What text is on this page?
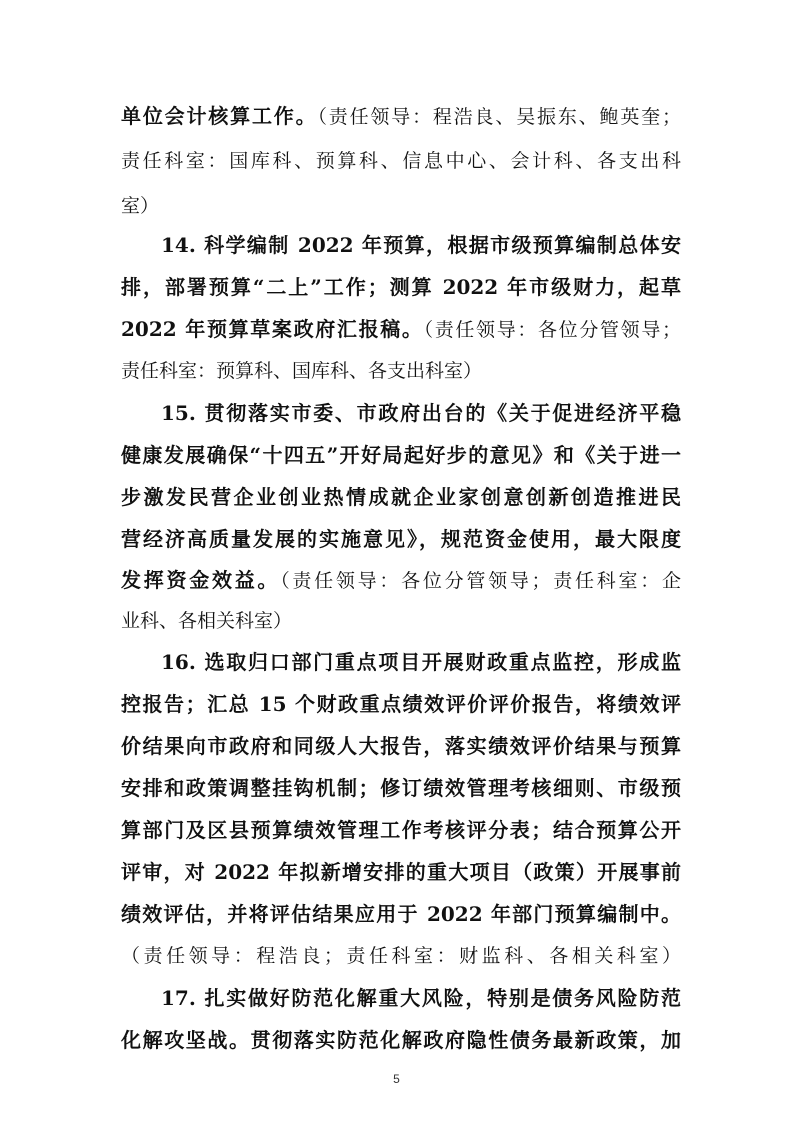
单位会计核算工作。（责任领导：程浩良、吴振东、鲍英奎；
责任科室：国库科、预算科、信息中心、会计科、各支出科
室）
14. 科学编制 2022 年预算，根据市级预算编制总体安
排，部署预算“二上”工作；测算 2022 年市级财力，起草
2022 年预算草案政府汇报稿。（责任领导：各位分管领导；
责任科室：预算科、国库科、各支出科室）
15. 贯彻落实市委、市政府出台的《关于促进经济平稳
健康发展确保“十四五”开好局起好步的意见》和《关于进一
步激发民营企业创业热情成就企业家创意创新创造推进民
营经济高质量发展的实施意见》，规范资金使用，最大限度
发挥资金效益。（责任领导：各位分管领导；责任科室：企
业科、各相关科室）
16. 选取归口部门重点项目开展财政重点监控，形成监
控报告；汇总 15 个财政重点绩效评价评价报告，将绩效评
价结果向市政府和同级人大报告，落实绩效评价结果与预算
安排和政策调整挂钩机制；修订绩效管理考核细则、市级预
算部门及区县预算绩效管理工作考核评分表；结合预算公开
评审，对 2022 年拟新增安排的重大项目（政策）开展事前
绩效评估，并将评估结果应用于 2022 年部门预算编制中。
（责任领导：程浩良；责任科室：财监科、各相关科室）
17. 扎实做好防范化解重大风险，特别是债务风险防范
化解攻坚战。贯彻落实防范化解政府隐性债务最新政策，加
5
